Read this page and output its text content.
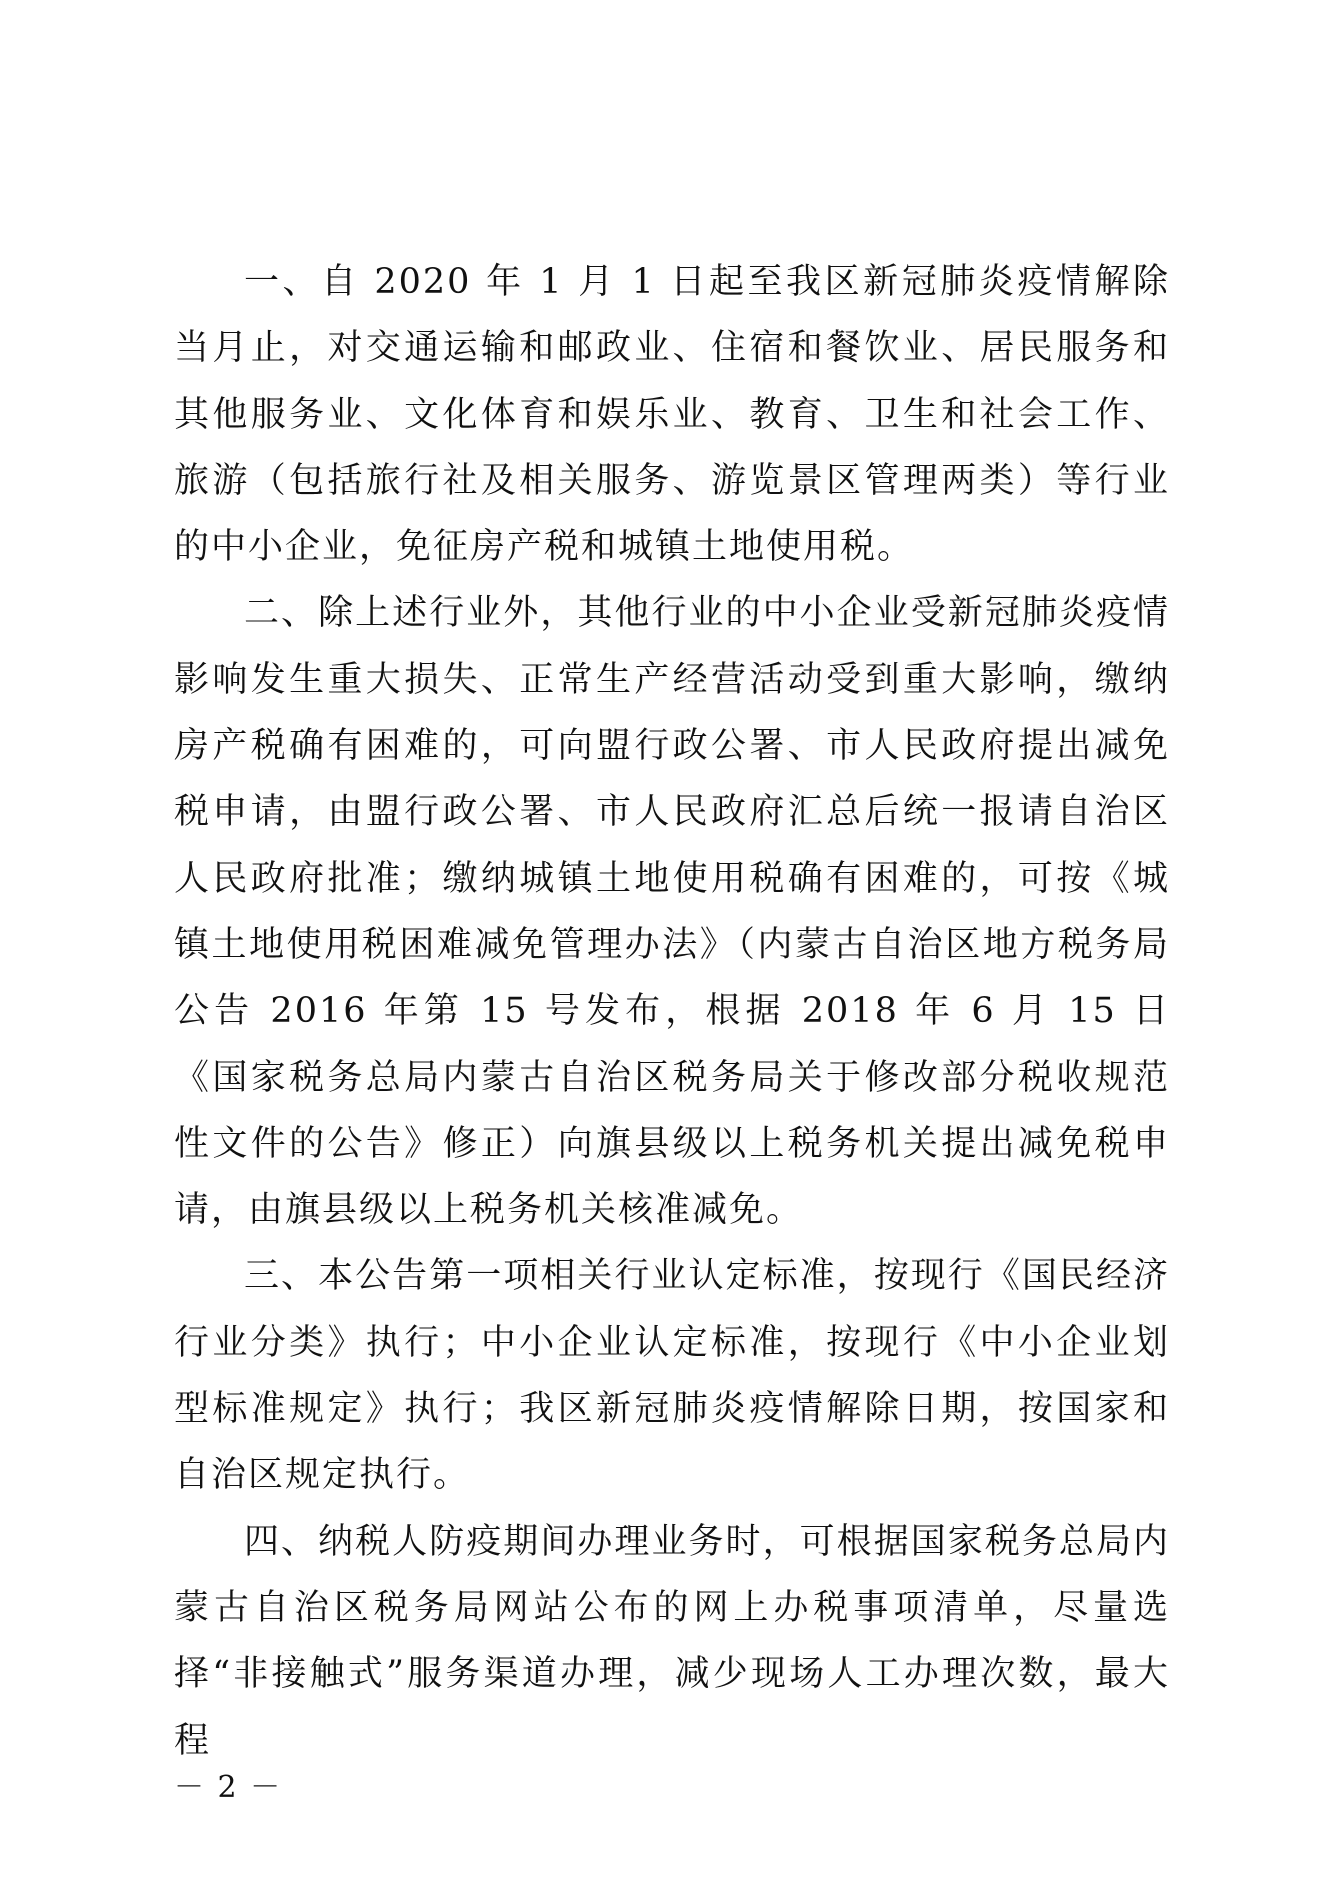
一、自 2020 年 1 月 1 日起至我区新冠肺炎疫情解除当月止，对交通运输和邮政业、住宿和餐饮业、居民服务和其他服务业、文化体育和娱乐业、教育、卫生和社会工作、旅游（包括旅行社及相关服务、游览景区管理两类）等行业的中小企业，免征房产税和城镇土地使用税。

二、除上述行业外，其他行业的中小企业受新冠肺炎疫情影响发生重大损失、正常生产经营活动受到重大影响，缴纳房产税确有困难的，可向盟行政公署、市人民政府提出减免税申请，由盟行政公署、市人民政府汇总后统一报请自治区人民政府批准；缴纳城镇土地使用税确有困难的，可按《城镇土地使用税困难减免管理办法》（内蒙古自治区地方税务局公告 2016 年第 15 号发布，根据 2018 年 6 月 15 日《国家税务总局内蒙古自治区税务局关于修改部分税收规范性文件的公告》修正）向旗县级以上税务机关提出减免税申请，由旗县级以上税务机关核准减免。

三、本公告第一项相关行业认定标准，按现行《国民经济行业分类》执行；中小企业认定标准，按现行《中小企业划型标准规定》执行；我区新冠肺炎疫情解除日期，按国家和自治区规定执行。

四、纳税人防疫期间办理业务时，可根据国家税务总局内蒙古自治区税务局网站公布的网上办税事项清单，尽量选择“非接触式”服务渠道办理，减少现场人工办理次数，最大程

－ 2 －
